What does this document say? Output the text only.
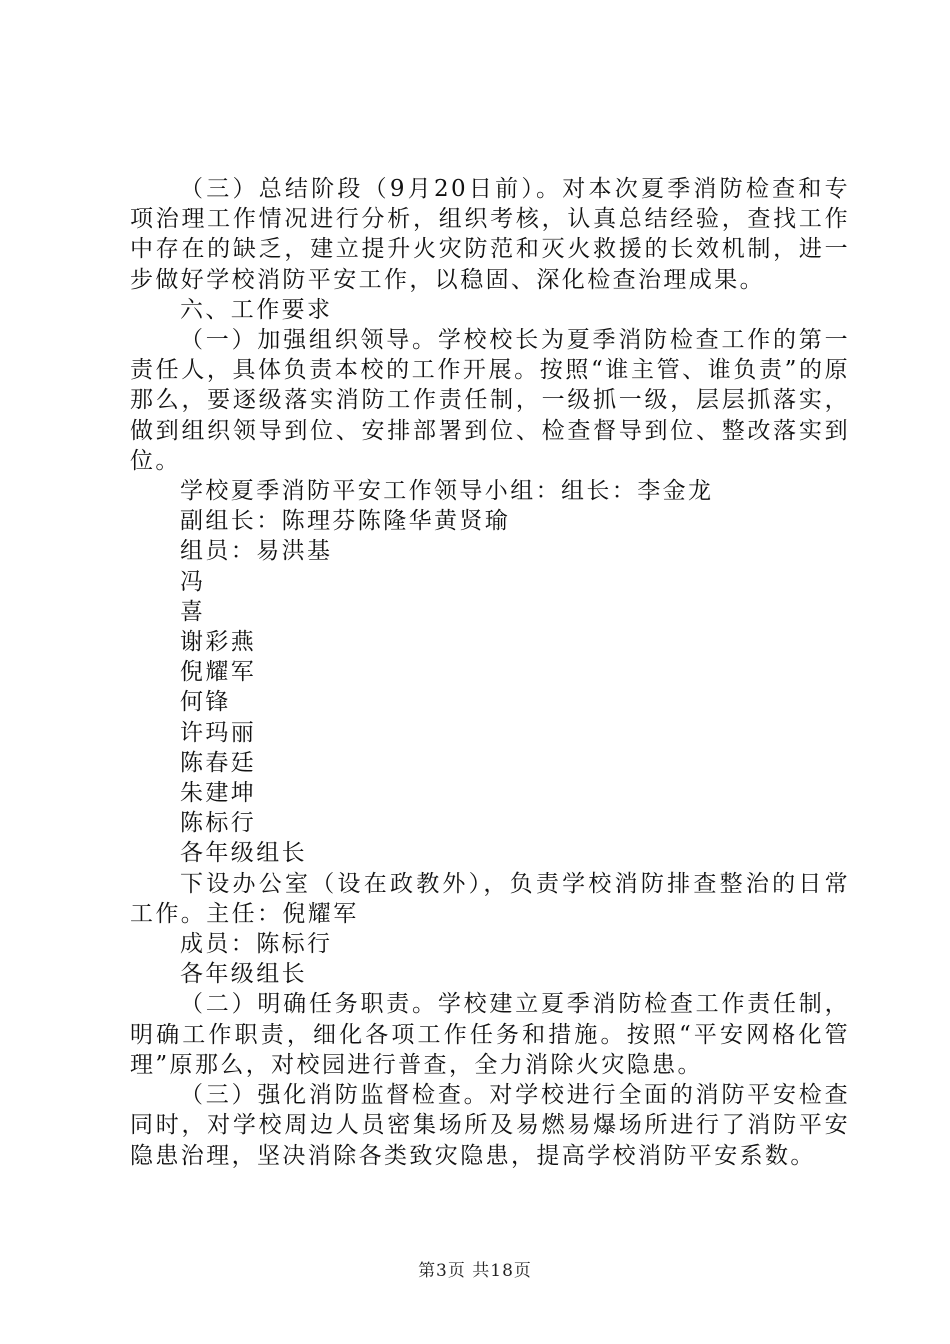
（三）总结阶段（9月20日前）。对本次夏季消防检查和专项治理工作情况进行分析，组织考核，认真总结经验，查找工作中存在的缺乏，建立提升火灾防范和灭火救援的长效机制，进一步做好学校消防平安工作，以稳固、深化检查治理成果。

六、工作要求

（一）加强组织领导。学校校长为夏季消防检查工作的第一责任人，具体负责本校的工作开展。按照“谁主管、谁负责”的原那么，要逐级落实消防工作责任制，一级抓一级，层层抓落实，做到组织领导到位、安排部署到位、检查督导到位、整改落实到位。

学校夏季消防平安工作领导小组：组长：李金龙

副组长：陈理芬陈隆华黄贤瑜

组员：易洪基

冯

喜

谢彩燕

倪耀军

何锋

许玛丽

陈春廷

朱建坤

陈标行

各年级组长

下设办公室（设在政教外），负责学校消防排查整治的日常工作。主任：倪耀军

成员：陈标行

各年级组长

（二）明确任务职责。学校建立夏季消防检查工作责任制，明确工作职责，细化各项工作任务和措施。按照“平安网格化管理”原那么，对校园进行普查，全力消除火灾隐患。

（三）强化消防监督检查。对学校进行全面的消防平安检查同时，对学校周边人员密集场所及易燃易爆场所进行了消防平安隐患治理，坚决消除各类致灾隐患，提高学校消防平安系数。

第3页 共18页
